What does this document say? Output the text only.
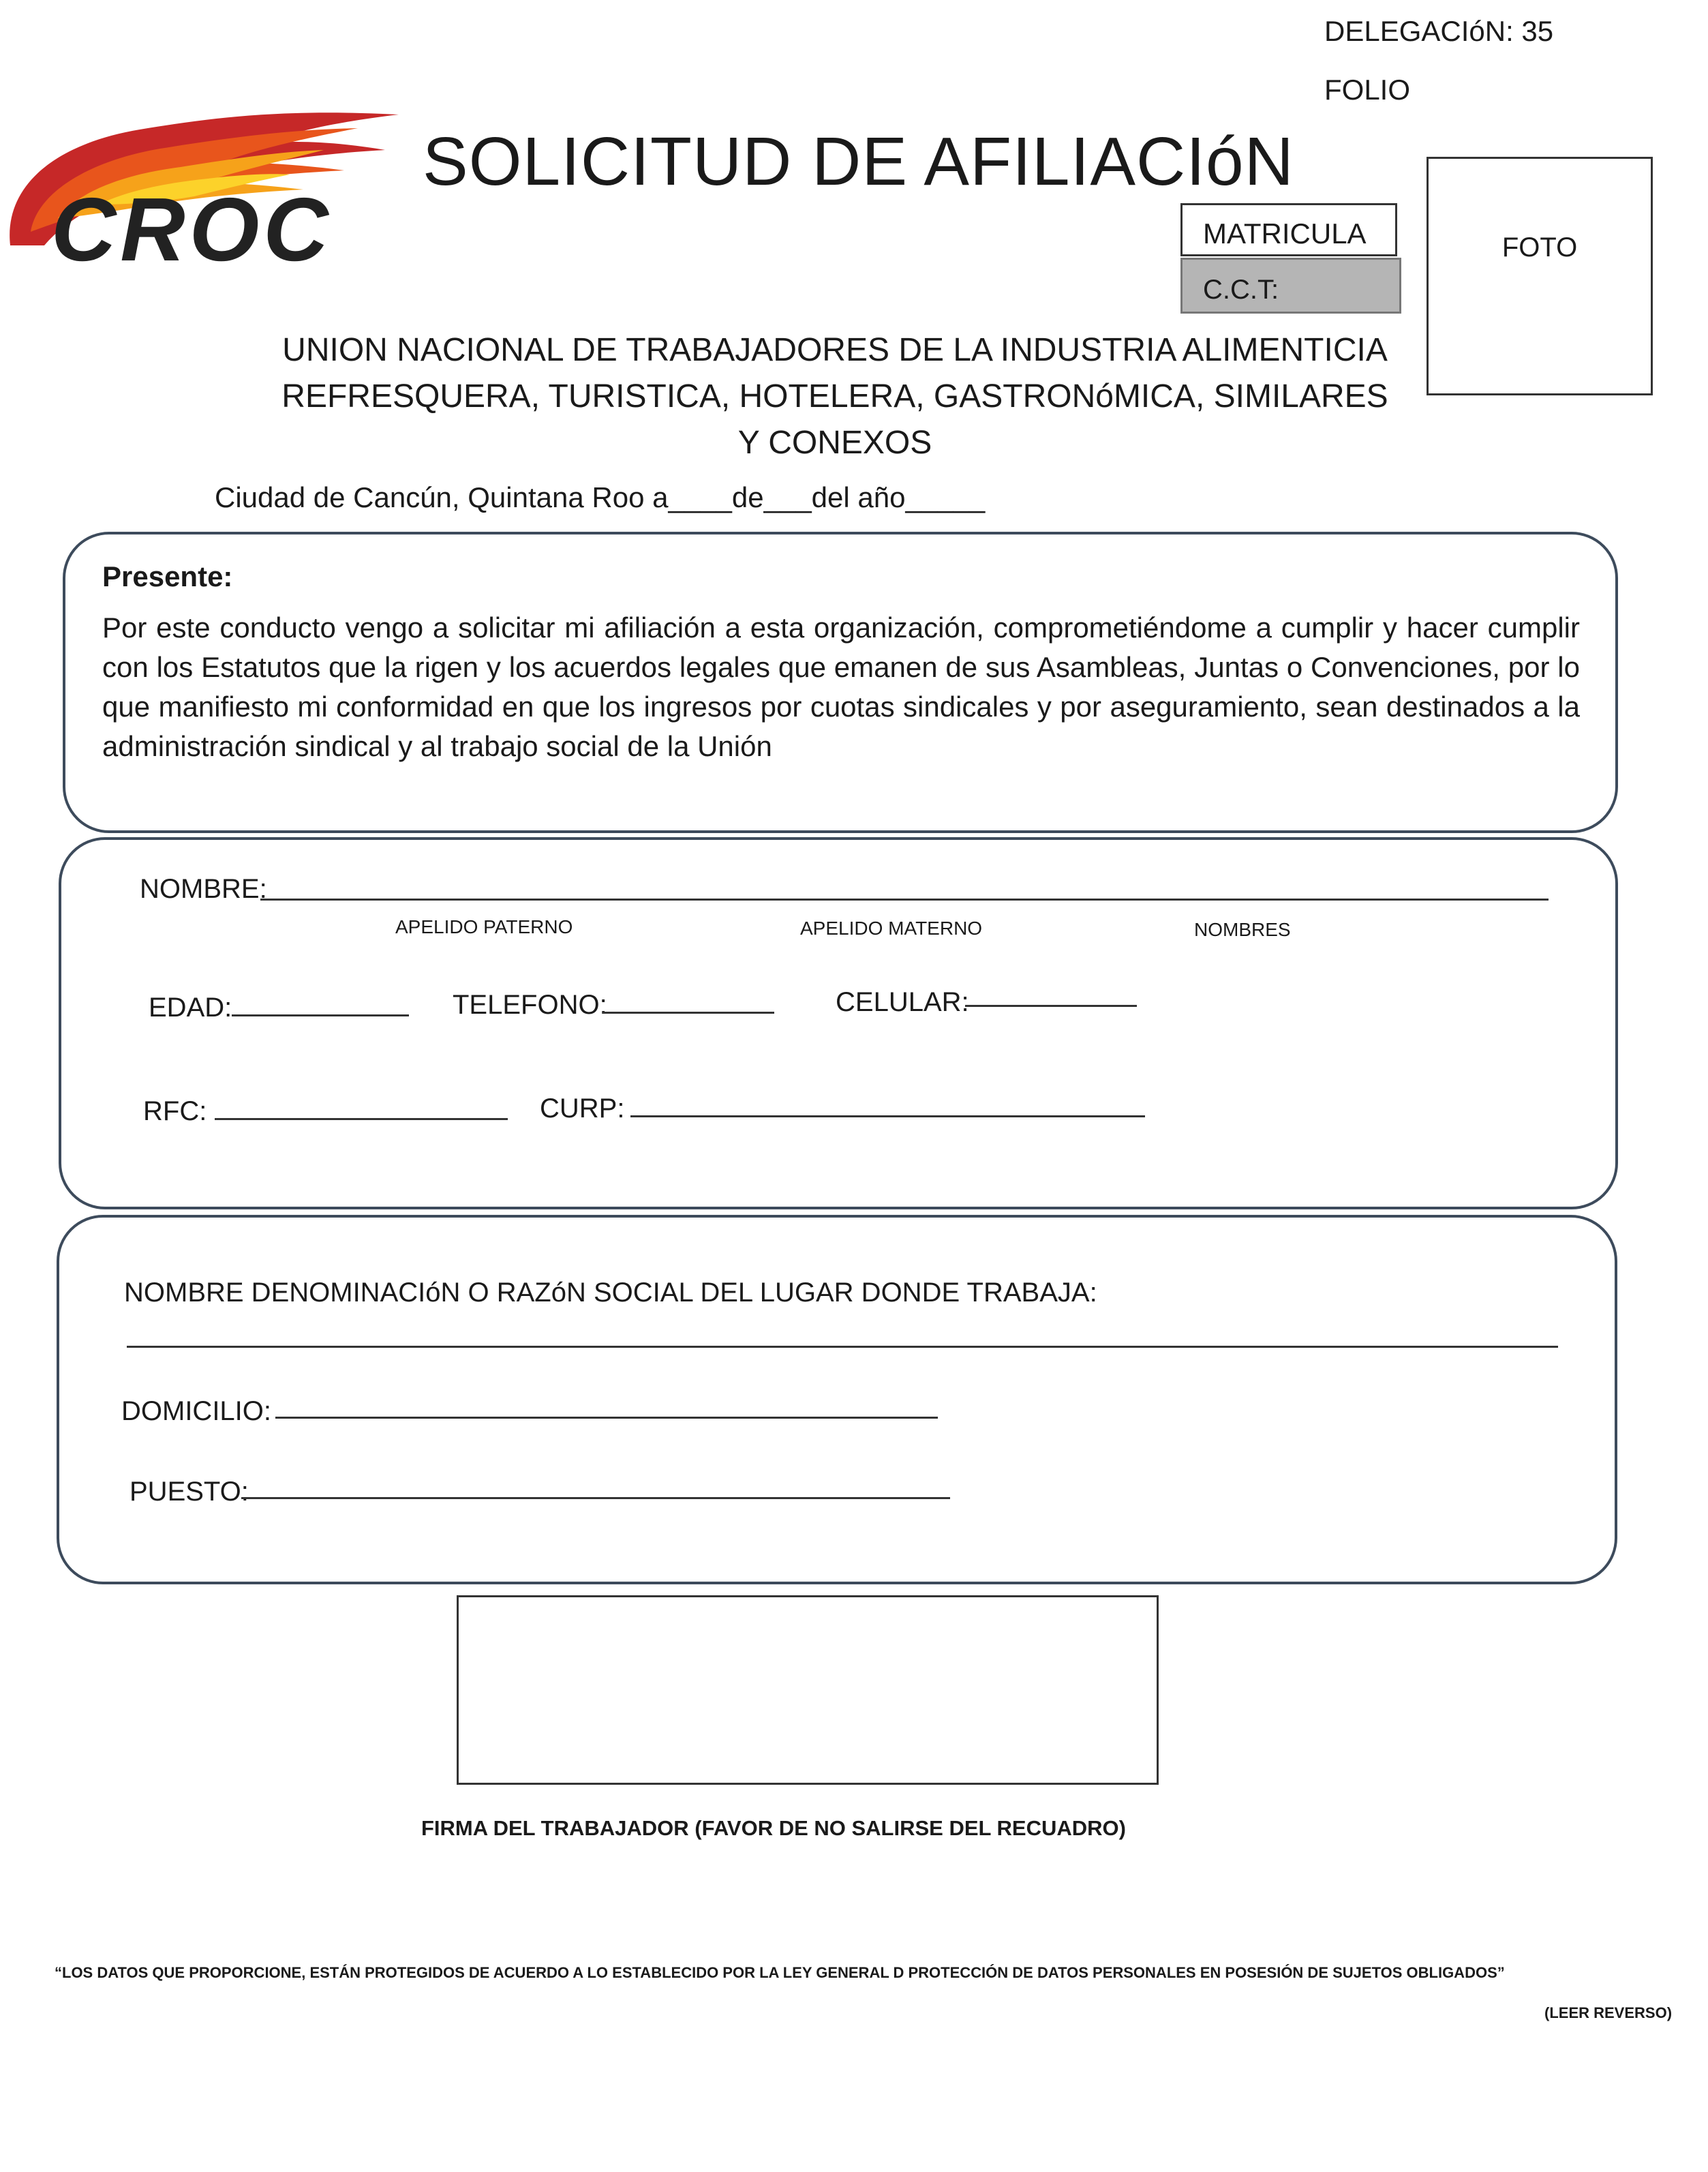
DELEGACIóN: 35
FOLIO
CROC
SOLICITUD DE AFILIACIóN
MATRICULA
C.C.T:
FOTO
UNION NACIONAL DE TRABAJADORES DE LA INDUSTRIA ALIMENTICIA
REFRESQUERA, TURISTICA, HOTELERA, GASTRONóMICA, SIMILARES
Y CONEXOS
Ciudad de Cancún, Quintana Roo a____de___del año_____
Presente:
Por este conducto vengo a solicitar mi afiliación a esta organización, comprometiéndome a cumplir y hacer cumplir con los Estatutos que la rigen y los acuerdos legales que emanen de sus Asambleas, Juntas o Convenciones, por lo que manifiesto mi conformidad en que los ingresos por cuotas sindicales y por aseguramiento, sean destinados a la administración sindical y al trabajo social de la Unión
NOMBRE:
APELIDO PATERNO	APELIDO MATERNO	NOMBRES
EDAD:	TELEFONO:	CELULAR:
RFC:	CURP:
NOMBRE DENOMINACIóN O RAZóN SOCIAL DEL LUGAR DONDE TRABAJA:
DOMICILIO:
PUESTO:
FIRMA DEL TRABAJADOR (FAVOR DE NO SALIRSE DEL RECUADRO)
“LOS DATOS QUE PROPORCIONE, ESTÁN PROTEGIDOS DE ACUERDO A LO ESTABLECIDO POR LA LEY GENERAL D PROTECCIÓN DE DATOS PERSONALES EN POSESIÓN DE SUJETOS OBLIGADOS”
(LEER REVERSO)
